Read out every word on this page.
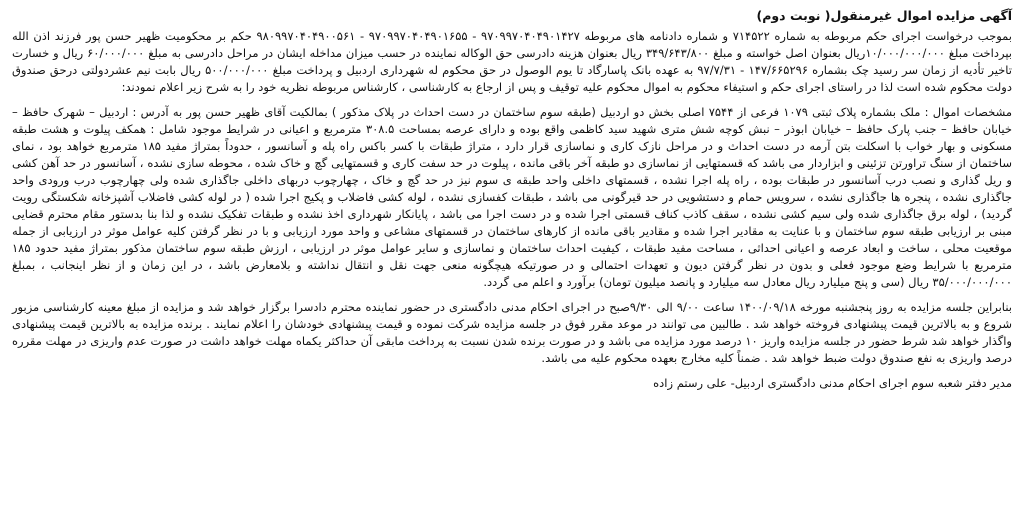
آگهی مزایده اموال غیرمنقول( نوبت دوم)

بموجب درخواست اجرای حکم مربوطه به شماره ۷۱۴۵۲۲ و شماره دادنامه های مربوطه ۹۷۰۹۹۷۰۴۰۴۹۰۱۴۲۷ - ۹۷۰۹۹۷۰۴۰۴۹۰۱۶۵۵ - ۹۸۰۹۹۷۰۴۰۴۹۰۰۵۶۱ حکم بر محکومیت ظهیر حسن پور فرزند اذن الله بپرداخت مبلغ ۱۰/۰۰۰/۰۰۰/۰۰۰ریال بعنوان اصل خواسته و مبلغ ۳۴۹/۶۴۳/۸۰۰ ریال بعنوان هزینه دادرسی حق الوکاله نماینده در حسب میزان مداخله ایشان در مراحل دادرسی به مبلغ ۶۰/۰۰۰/۰۰۰ ریال و خسارت تاخیر تأدیه از زمان سر رسید چک بشماره ۱۴۷/۶۶۵۲۹۶ - ۹۷/۷/۳۱ به عهده بانک پاسارگاد تا یوم الوصول در حق محکوم له شهرداری اردبیل و پرداخت مبلغ ۵۰۰/۰۰۰/۰۰۰ ریال بابت نیم عشردولتی درحق صندوق دولت محکوم شده است لذا در راستای اجرای حکم و استیفاء محکوم به اموال محکوم علیه توقیف و پس از ارجاع به کارشناسی ، کارشناس مربوطه نظریه خود را به شرح زیر اعلام نمودند:

مشخصات اموال : ملک بشماره پلاک ثبتی ۱۰۷۹ فرعی از ۷۵۴۴ اصلی بخش دو اردبیل (طبقه سوم ساختمان در دست احداث در پلاک مذکور ) بمالکیت آقای ظهیر حسن پور به آدرس : اردبیل – شهرک حافظ – خیابان حافظ – جنب پارک حافظ – خیابان ابوذر – نبش کوچه شش متری شهید سید کاظمی واقع بوده و دارای عرصه بمساحت ۳۰۸.۵ مترمربع و اعیانی در شرایط موجود شامل : همکف پیلوت و هشت طبقه مسکونی و بهار خواب با اسکلت بتن آرمه در دست احداث و در مراحل نازک کاری و نماسازی قرار دارد ، متراژ طبقات با کسر باکس راه پله و آسانسور ، حدوداً بمتراژ مفید ۱۸۵ مترمربع خواهد بود ، نمای ساختمان از سنگ تراورتن تزئینی و ابزاردار می باشد که قسمتهایی از نماسازی دو طبقه آخر باقی مانده ، پیلوت در حد سفت کاری و قسمتهایی گچ و خاک شده ، محوطه سازی نشده ، آسانسور در حد آهن کشی و ریل گذاری و نصب درب آسانسور در طبقات بوده ، راه پله اجرا نشده ، قسمتهای داخلی واحد طبقه ی سوم نیز در حد گچ و خاک ، چهارچوب دربهای داخلی جاگذاری شده ولی چهارچوب درب ورودی واحد جاگذاری نشده ، پنجره ها جاگذاری نشده ، سرویس حمام و دستشویی در حد قیرگونی می باشد ، طبقات کفسازی نشده ، لوله کشی فاضلاب و پکیج اجرا شده ( در لوله کشی فاضلاب آشپزخانه شکستگی رویت گردید) ، لوله برق جاگذاری شده ولی سیم کشی نشده ، سقف کاذب کناف قسمتی اجرا شده و در دست اجرا می باشد ، پایانکار شهرداری اخذ نشده و طبقات تفکیک نشده و لذا بنا بدستور مقام محترم قضایی مبنی بر ارزیابی طبقه سوم ساختمان و با عنایت به مقادیر اجرا شده و مقادیر باقی مانده از کارهای ساختمان در قسمتهای مشاعی و واحد مورد ارزیابی و با در نظر گرفتن کلیه عوامل موثر در ارزیابی از جمله موقعیت محلی ، ساخت و ابعاد عرصه و اعیانی احداثی ، مساحت مفید طبقات ، کیفیت احداث ساختمان و نماسازی و سایر عوامل موثر در ارزیابی ، ارزش طبقه سوم ساختمان مذکور بمتراژ مفید حدود ۱۸۵ مترمربع با شرایط وضع موجود فعلی و بدون در نظر گرفتن دیون و تعهدات احتمالی و در صورتیکه هیچگونه منعی جهت نقل و انتقال نداشته و بلامعارض باشد ، در این زمان و از نظر اینجانب ، بمبلغ ۳۵/۰۰۰/۰۰۰/۰۰۰ ریال (سی و پنج میلیارد ریال معادل سه میلیارد و پانصد میلیون تومان) برآورد و اعلم می گردد.

بنابراین جلسه مزایده به روز پنجشنبه مورخه ۱۴۰۰/۰۹/۱۸ ساعت ۹/۰۰ الی ۹/۳۰صبح در اجرای احکام مدنی دادگستری در حضور نماینده محترم دادسرا برگزار خواهد شد و مزایده از مبلغ معینه کارشناسی مزبور شروع و به بالاترین قیمت پیشنهادی فروخته خواهد شد . طالبین می توانند در موعد مقرر فوق در جلسه مزایده شرکت نموده و قیمت پیشنهادی خودشان را اعلام نمایند . برنده مزایده به بالاترین قیمت پیشنهادی واگذار خواهد شد شرط حضور در جلسه مزایده واریز ۱۰ درصد مورد مزایده می باشد و در صورت برنده شدن نسبت به پرداخت مابقی آن حداکثر یکماه مهلت خواهد داشت در صورت عدم واریزی در مهلت مقرره درصد واریزی به نفع صندوق دولت ضبط خواهد شد . ضمناً کلیه مخارج بعهده محکوم علیه می باشد.

مدیر دفتر شعبه سوم اجرای احکام مدنی دادگستری اردبیل- علی رستم زاده
